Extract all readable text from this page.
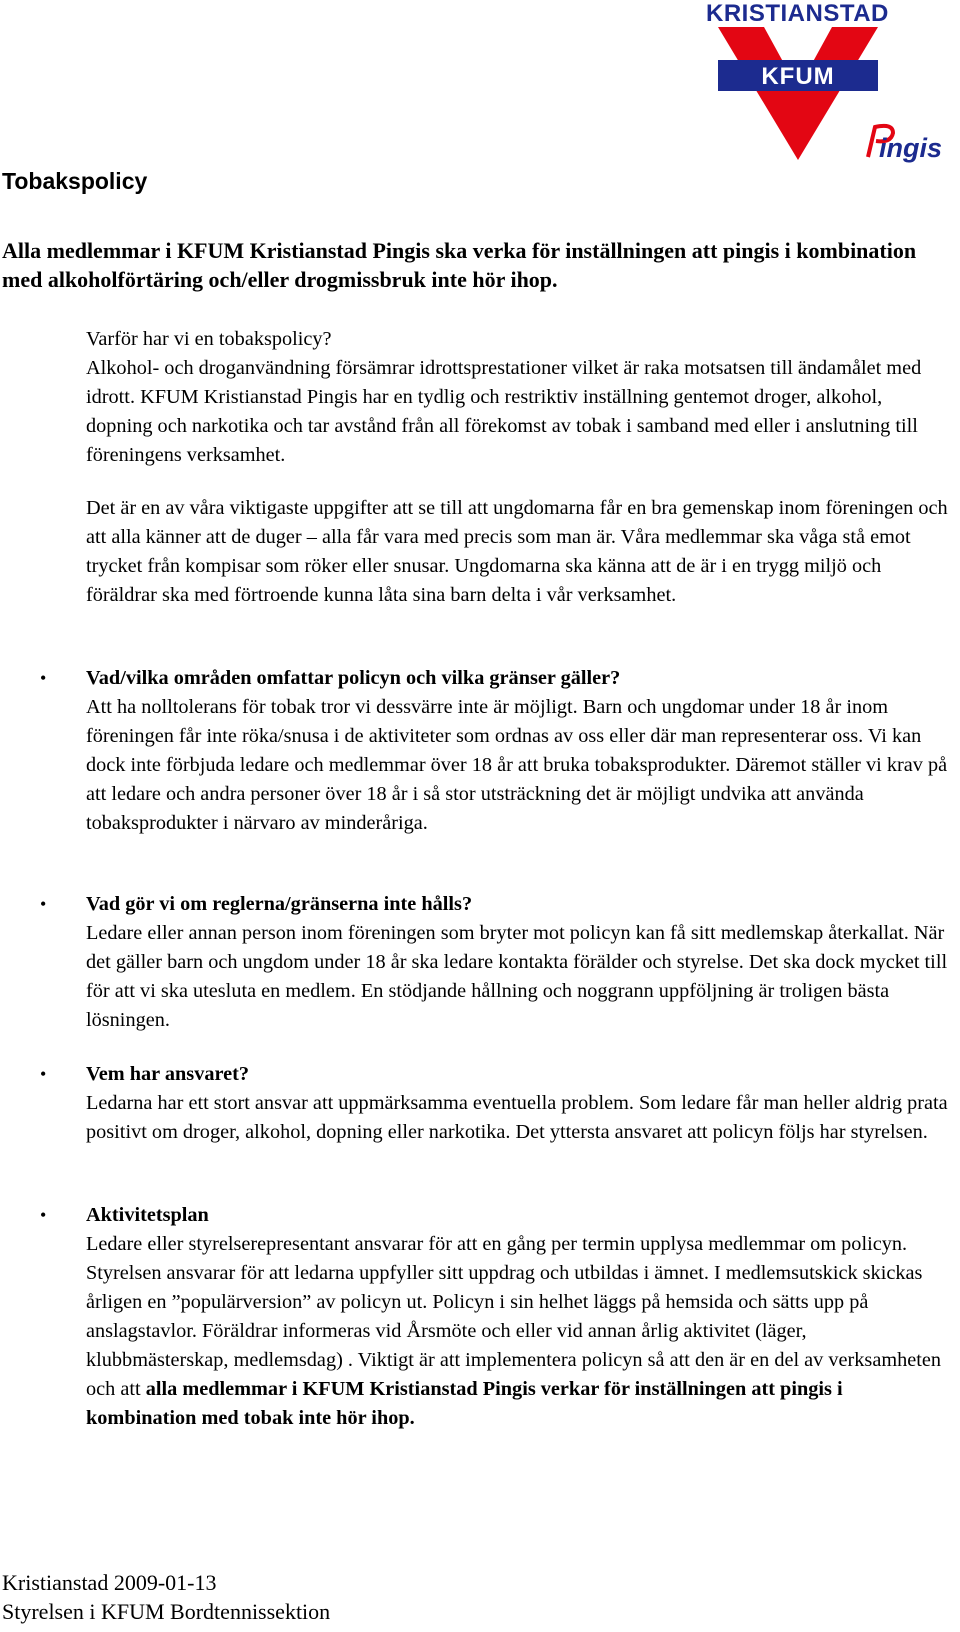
KRISTIANSTAD
KFUM
ingis
Tobakspolicy

Alla medlemmar i KFUM Kristianstad Pingis ska verka för inställningen att pingis i kombination med alkoholförtäring och/eller drogmissbruk inte hör ihop.

Varför har vi en tobakspolicy?
Alkohol- och droganvändning försämrar idrottsprestationer vilket är raka motsatsen till ändamålet med idrott. KFUM Kristianstad Pingis har en tydlig och restriktiv inställning gentemot droger, alkohol, dopning och narkotika och tar avstånd från all förekomst av tobak i samband med eller i anslutning till föreningens verksamhet.

Det är en av våra viktigaste uppgifter att se till att ungdomarna får en bra gemenskap inom föreningen och att alla känner att de duger – alla får vara med precis som man är. Våra medlemmar ska våga stå emot trycket från kompisar som röker eller snusar. Ungdomarna ska känna att de är i en trygg miljö och föräldrar ska med förtroende kunna låta sina barn delta i vår verksamhet.

• Vad/vilka områden omfattar policyn och vilka gränser gäller?
Att ha nolltolerans för tobak tror vi dessvärre inte är möjligt. Barn och ungdomar under 18 år inom föreningen får inte röka/snusa i de aktiviteter som ordnas av oss eller där man representerar oss. Vi kan dock inte förbjuda ledare och medlemmar över 18 år att bruka tobaksprodukter. Däremot ställer vi krav på att ledare och andra personer över 18 år i så stor utsträckning det är möjligt undvika att använda tobaksprodukter i närvaro av minderåriga.

• Vad gör vi om reglerna/gränserna inte hålls?
Ledare eller annan person inom föreningen som bryter mot policyn kan få sitt medlemskap återkallat. När det gäller barn och ungdom under 18 år ska ledare kontakta förälder och styrelse. Det ska dock mycket till för att vi ska utesluta en medlem. En stödjande hållning och noggrann uppföljning är troligen bästa lösningen.

• Vem har ansvaret?
Ledarna har ett stort ansvar att uppmärksamma eventuella problem. Som ledare får man heller aldrig prata positivt om droger, alkohol, dopning eller narkotika. Det yttersta ansvaret att policyn följs har styrelsen.

• Aktivitetsplan
Ledare eller styrelserepresentant ansvarar för att en gång per termin upplysa medlemmar om policyn. Styrelsen ansvarar för att ledarna uppfyller sitt uppdrag och utbildas i ämnet. I medlemsutskick skickas årligen en ”populärversion” av policyn ut. Policyn i sin helhet läggs på hemsida och sätts upp på anslagstavlor. Föräldrar informeras vid Årsmöte och eller vid annan årlig aktivitet (läger, klubbmästerskap, medlemsdag) . Viktigt är att implementera policyn så att den är en del av verksamheten och att alla medlemmar i KFUM Kristianstad Pingis verkar för inställningen att pingis i kombination med tobak inte hör ihop.

Kristianstad 2009-01-13
Styrelsen i KFUM Bordtennissektion
